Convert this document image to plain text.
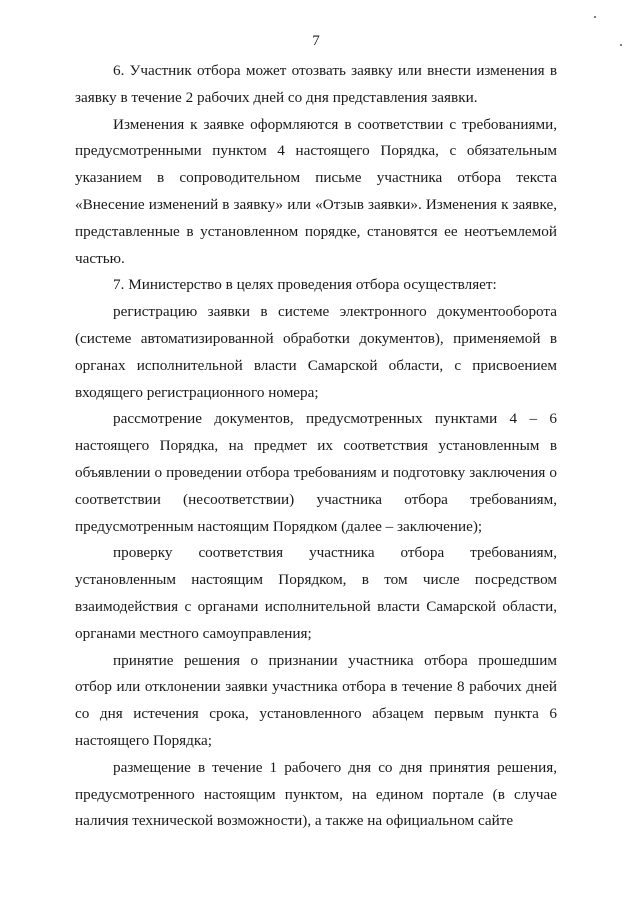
7

6. Участник отбора может отозвать заявку или внести изменения в заявку в течение 2 рабочих дней со дня представления заявки.

Изменения к заявке оформляются в соответствии с требованиями, предусмотренными пунктом 4 настоящего Порядка, с обязательным указанием в сопроводительном письме участника отбора текста «Внесение изменений в заявку» или «Отзыв заявки». Изменения к заявке, представленные в установленном порядке, становятся ее неотъемлемой частью.

7. Министерство в целях проведения отбора осуществляет:

регистрацию заявки в системе электронного документооборота (системе автоматизированной обработки документов), применяемой в органах исполнительной власти Самарской области, с присвоением входящего регистрационного номера;

рассмотрение документов, предусмотренных пунктами 4 – 6 настоящего Порядка, на предмет их соответствия установленным в объявлении о проведении отбора требованиям и подготовку заключения о соответствии (несоответствии) участника отбора требованиям, предусмотренным настоящим Порядком (далее – заключение);

проверку соответствия участника отбора требованиям, установленным настоящим Порядком, в том числе посредством взаимодействия с органами исполнительной власти Самарской области, органами местного самоуправления;

принятие решения о признании участника отбора прошедшим отбор или отклонении заявки участника отбора в течение 8 рабочих дней со дня истечения срока, установленного абзацем первым пункта 6 настоящего Порядка;

размещение в течение 1 рабочего дня со дня принятия решения, предусмотренного настоящим пунктом, на едином портале (в случае наличия технической возможности), а также на официальном сайте
